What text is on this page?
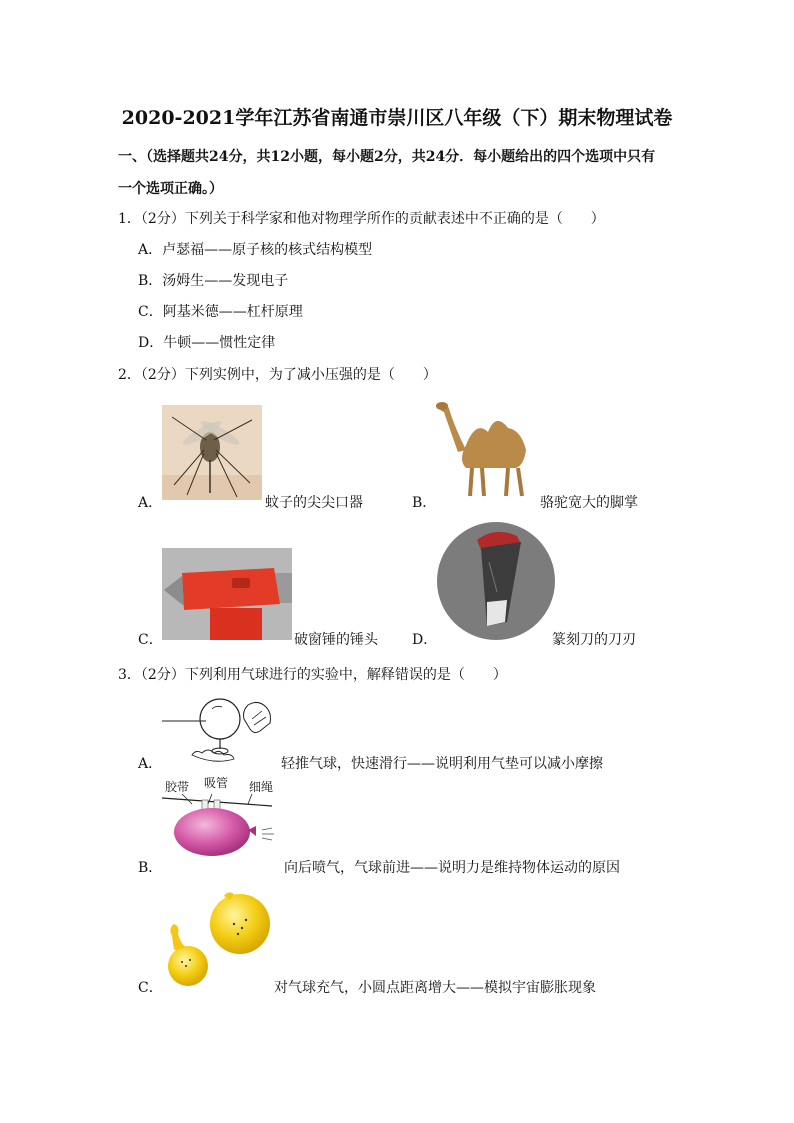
2020-2021学年江苏省南通市崇川区八年级（下）期末物理试卷
一、（选择题共24分，共12小题，每小题2分，共24分．每小题给出的四个选项中只有
一个选项正确。）
1．（2分）下列关于科学家和他对物理学所作的贡献表述中不正确的是（　　）
A．卢瑟福——原子核的核式结构模型
B．汤姆生——发现电子
C．阿基米德——杠杆原理
D．牛顿——惯性定律
2．（2分）下列实例中，为了减小压强的是（　　）
A．	蚊子的尖尖口器	B．	骆驼宽大的脚掌
C．	破窗锤的锤头 D．	篆刻刀的刀刃
3．（2分）下列利用气球进行的实验中，解释错误的是（　　）
A．	轻推气球，快速滑行——说明利用气垫可以减小摩擦
胶带 吸管 细绳
B．	向后喷气，气球前进——说明力是维持物体运动的原因
C．	对气球充气，小圆点距离增大——模拟宇宙膨胀现象
